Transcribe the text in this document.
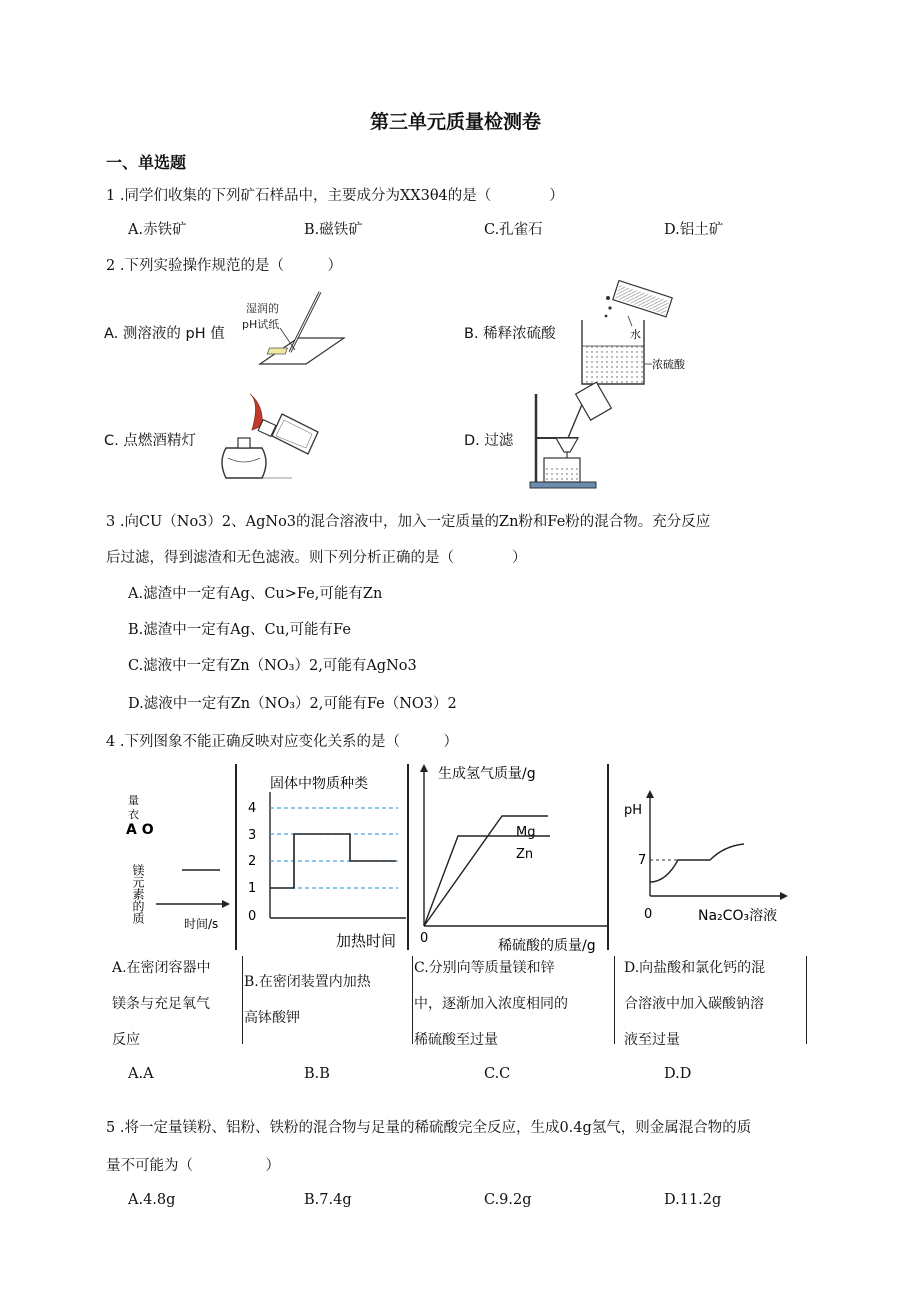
第三单元质量检测卷
一、单选题
1 .同学们收集的下列矿石样品中，主要成分为XX3θ4的是（　　　　）
A.赤铁矿	B.磁铁矿	C.孔雀石	D.铝土矿
2 .下列实验操作规范的是（　　　）
A. 测溶液的 pH 值
湿润的
pH试纸
B. 稀释浓硫酸	水
浓硫酸
C. 点燃酒精灯	D. 过滤
3 .向CU（No3）2、AgNo3的混合溶液中，加入一定质量的Zn粉和Fe粉的混合物。充分反应
后过滤，得到滤渣和无色滤液。则下列分析正确的是（　　　　）
A.滤渣中一定有Ag、Cu>Fe,可能有Zn
B.滤渣中一定有Ag、Cu,可能有Fe
C.滤液中一定有Zn（NO₃）2,可能有AgNo3
D.滤液中一定有Zn（NO₃）2,可能有Fe（NO3）2
4 .下列图象不能正确反映对应变化关系的是（　　　）
量
衣
A O
镁元素的质	时间/s
固体中物质种类
4
3
2
1
0
加热时间
生成氢气质量/g
Mg
Zn
0	稀硫酸的质量/g
pH
7
0	Na₂CO₃溶液
A.在密闭容器中
镁条与充足氧气
反应
B.在密闭装置内加热
高钵酸钾
C.分别向等质量镁和锌
中，逐渐加入浓度相同的
稀硫酸至过量
D.向盐酸和氯化钙的混
合溶液中加入碳酸钠溶
液至过量
A.A	B.B	C.C	D.D
5 .将一定量镁粉、铝粉、铁粉的混合物与足量的稀硫酸完全反应，生成0.4g氢气，则金属混合物的质
量不可能为（　　　　　）
A.4.8g	B.7.4g	C.9.2g	D.11.2g
